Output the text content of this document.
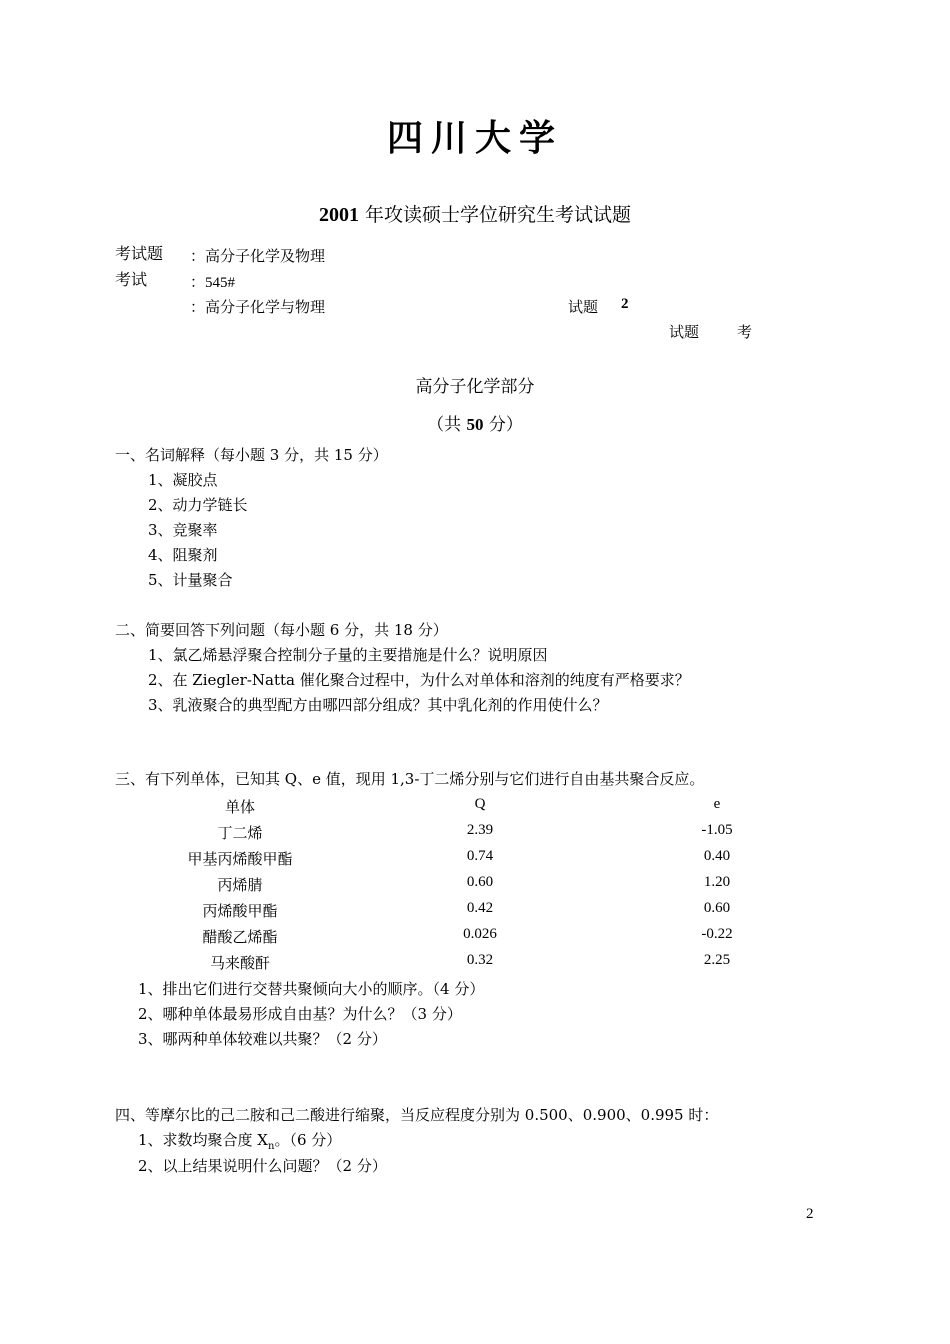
四川大学
2001 年攻读硕士学位研究生考试试题
考试题
考试
：高分子化学及物理
：545#
：高分子化学与物理	试题 2
试题	考
高分子化学部分
（共 50 分）
一、名词解释（每小题 3 分，共 15 分）
1、凝胶点
2、动力学链长
3、竞聚率
4、阻聚剂
5、计量聚合
二、简要回答下列问题（每小题 6 分，共 18 分）
1、氯乙烯悬浮聚合控制分子量的主要措施是什么？说明原因
2、在 Ziegler-Natta 催化聚合过程中，为什么对单体和溶剂的纯度有严格要求？
3、乳液聚合的典型配方由哪四部分组成？其中乳化剂的作用使什么？
三、有下列单体，已知其 Q、e 值，现用 1,3-丁二烯分别与它们进行自由基共聚合反应。
单体	Q	e
丁二烯	2.39	-1.05
甲基丙烯酸甲酯	0.74	0.40
丙烯腈	0.60	1.20
丙烯酸甲酯	0.42	0.60
醋酸乙烯酯	0.026	-0.22
马来酸酐	0.32	2.25
1、排出它们进行交替共聚倾向大小的顺序。（4 分）
2、哪种单体最易形成自由基？为什么？（3 分）
3、哪两种单体较难以共聚？（2 分）
四、等摩尔比的己二胺和己二酸进行缩聚，当反应程度分别为 0.500、0.900、0.995 时：
1、求数均聚合度 $X_n$。（6 分）
2、以上结果说明什么问题？（2 分）
2
